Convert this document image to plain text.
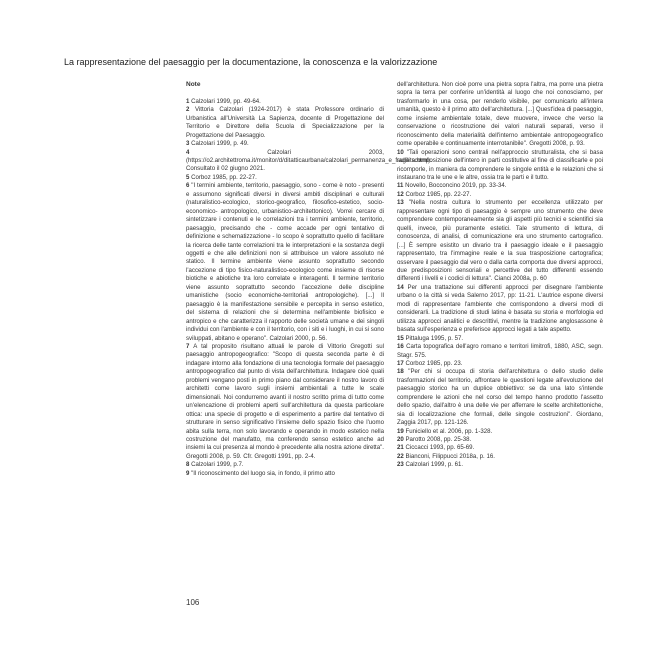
La rappresentazione del paesaggio per la documentazione, la conoscenza e la valorizzazione
Note
1 Calzolari 1999, pp. 49-64.
2 Vittoria Calzolari (1924-2017) è stata Professore ordinario di Urbanistica all'Università La Sapienza, docente di Progettazione del Territorio e Direttore della Scuola di Specializzazione per la Progettazione del Paesaggio.
3 Calzolari 1999, p. 49.
4	Calzolari 2003, (https://o2.architettroma.it/monitor/d/ditatticaurbana/calzolari_permanenza_e_fragilita.html). Consultato il 02 giugno 2021.
5 Corboz 1985, pp. 22-27.
6 "I termini ambiente, territorio, paesaggio, sono - come è noto - presenti e assumono significati diversi in diversi ambiti disciplinari e culturali (naturalistico-ecologico, storico-geografico, filosofico-estetico, socio-economico- antropologico, urbanistico-architettonico). Vorrei cercare di sintetizzare i contenuti e le correlazioni tra i termini ambiente, territorio, paesaggio, precisando che - come accade per ogni tentativo di definizione e schematizzazione - lo scopo è soprattutto quello di facilitare la ricerca delle tante correlazioni tra le interpretazioni e la sostanza degli oggetti e che alle definizioni non si attribuisce un valore assoluto né statico. Il termine ambiente viene assunto soprattutto secondo l'accezione di tipo fisico-naturalistico-ecologico come insieme di risorse biotiche e abiotiche tra loro correlate e interagenti. Il termine territorio viene assunto soprattutto secondo l'accezione delle discipline umanistiche (socio economiche-territoriali antropologiche). [...] Il paesaggio è la manifestazione sensibile e percepita in senso estetico, del sistema di relazioni che si determina nell'ambiente biofisico e antropico e che caratterizza il rapporto delle società umane e dei singoli individui con l'ambiente e con il territorio, con i siti e i luoghi, in cui si sono sviluppati, abitano e operano". Calzolari 2000, p. 56.
7 A tal proposito risultano attuali le parole di Vittorio Gregotti sul paesaggio antropogeografico: "Scopo di questa seconda parte è di indagare intorno alla fondazione di una tecnologia formale del paesaggio antropogeografico dal punto di vista dell'architettura. Indagare cioè quali problemi vengano posti in primo piano dal considerare il nostro lavoro di architetti come lavoro sugli insiemi ambientali a tutte le scale dimensionali. Noi condurremo avanti il nostro scritto prima di tutto come un'elencazione di problemi aperti sull'architettura da questa particolare ottica: una specie di progetto e di esperimento a partire dal tentativo di strutturare in senso significativo l'insieme dello spazio fisico che l'uomo abita sulla terra, non solo lavorando e operando in modo estetico nella costruzione del manufatto, ma conferendo senso estetico anche ad insiemi la cui presenza al mondo è precedente alla nostra azione diretta". Gregotti 2008, p. 59. Cfr. Gregotti 1991, pp. 2-4.
8 Calzolari 1999, p.7.
9 "Il riconoscimento del luogo sia, in fondo, il primo atto
dell'architettura. Non cioè porre una pietra sopra l'altra, ma porre una pietra sopra la terra per conferire un'identità al luogo che noi conosciamo, per trasformarlo in una cosa, per renderlo visibile, per comunicarlo all'intera umanità, questo è il primo atto dell'architettura. [...] Quest'idea di paesaggio, come insieme ambientale totale, deve muovere, invece che verso la conservazione o ricostruzione dei valori naturali separati, verso il riconoscimento della materialità dell'interno ambientale antropogeografico come operabile e continuamente interrotanibile". Gregotti 2008, p. 93.
10 "Tali operazioni sono centrali nell'approccio strutturalista, che si basa sulla scomposizione dell'intero in parti costitutive al fine di classificarle e poi ricomporle, in maniera da comprendere le singole entità e le relazioni che si instaurano tra le une e le altre, ossia tra le parti e il tutto.
11 Novello, Bocconcino 2019, pp. 33-34.
12 Corboz 1985, pp. 22-27.
13 "Nella nostra cultura lo strumento per eccellenza utilizzato per rappresentare ogni tipo di paesaggio è sempre uno strumento che deve comprendere contemporaneamente sia gli aspetti più tecnici e scientifici sia quelli, invece, più puramente estetici. Tale strumento di lettura, di conoscenza, di analisi, di comunicazione era uno strumento cartografico. [...] È sempre esistito un divario tra il paesaggio ideale e il paesaggio rappresentato, tra l'immagine reale e la sua trasposizione cartografica; osservare il paesaggio dal vero o dalla carta comporta due diversi approcci, due predisposizioni sensoriali e percettive del tutto differenti essendo differenti i livelli e i codici di lettura". Cianci 2008a, p. 60
14 Per una trattazione sui differenti approcci per disegnare l'ambiente urbano o la città si veda Salerno 2017, pp: 11-21. L'autrice espone diversi modi di rappresentare l'ambiente che corrispondono a diversi modi di considerarli. La tradizione di studi latina è basata su storia e morfologia ed utilizza approcci analitici e descrittivi, mentre la tradizione anglosassone è basata sull'esperienza e preferisce approcci legati a tale aspetto.
15 Pittaluga 1995, p. 57.
16 Carta topografica dell'agro romano e territori limitrofi, 1880, ASC, segn. Stagr. 575.
17 Corboz 1985, pp. 23.
18 "Per chi si occupa di storia dell'architettura o dello studio delle trasformazioni del territorio, affrontare le questioni legate all'evoluzione del paesaggio storico ha un duplice obbiettivo: se da una lato s'intende comprendere le azioni che nel corso del tempo hanno prodotto l'assetto dello spazio, dall'altro è una delle vie per afferrare le scelte architettoniche, sia di localizzazione che formali, delle singole costruzioni". Giordano, Zaggia 2017, pp. 121-126.
19 Funiciello et al. 2006, pp. 1-328.
20 Parotto 2008, pp. 25-38.
21 Ciccacci 1993, pp. 65-69.
22 Bianconi, Filippucci 2018a, p. 16.
23 Calzolari 1999, p. 61.
106
